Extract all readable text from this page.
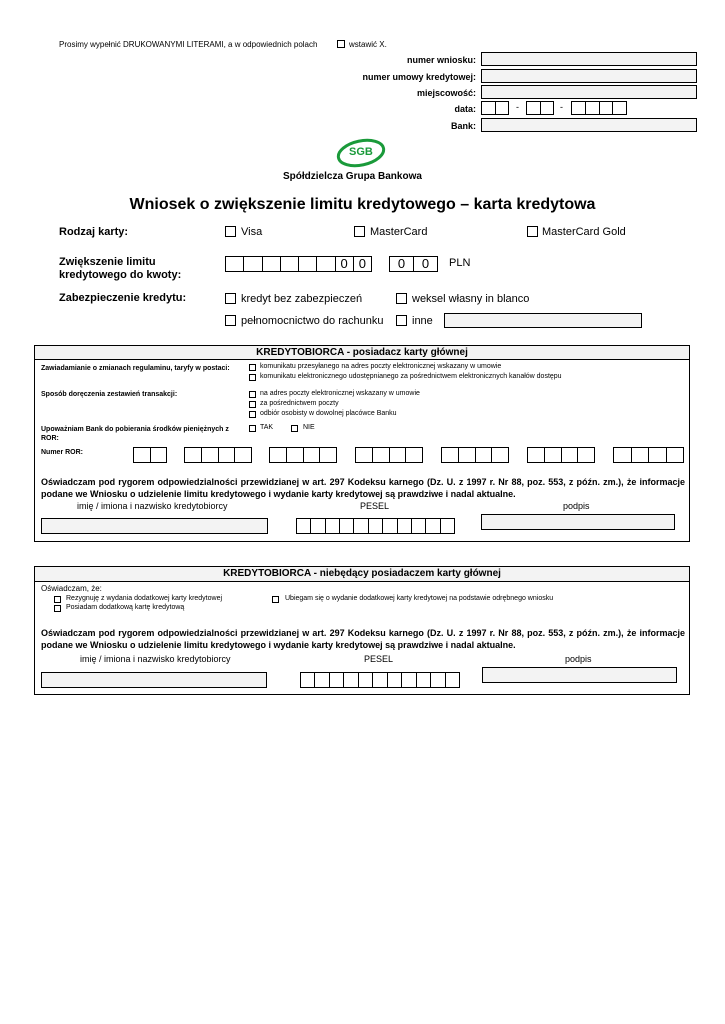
Prosimy wypełnić DRUKOWANYMI LITERAMI, a w odpowiednich polach	wstawić X.
numer wniosku:
numer umowy kredytowej:
miejscowość:
data:	-	-
Bank:
SGB
Spółdzielcza Grupa Bankowa
Wniosek o zwiększenie limitu kredytowego – karta kredytowa
Rodzaj karty:	Visa	MasterCard	MasterCard Gold
Zwiększenie limitu
kredytowego do kwoty:
0 0	0	0	PLN
Zabezpieczenie kredytu:	kredyt bez zabezpieczeń	weksel własny in blanco
pełnomocnictwo do rachunku	inne
KREDYTOBIORCA - posiadacz karty głównej
Zawiadamianie o zmianach regulaminu, taryfy w postaci:	komunikatu przesyłanego na adres poczty elektronicznej wskazany w umowie
komunikatu elektronicznego udostępnianego za pośrednictwem elektronicznych kanałów dostępu
Sposób doręczenia zestawień transakcji:	na adres poczty elektronicznej wskazany w umowie
za pośrednictwem poczty
odbiór osobisty w dowolnej placówce Banku
Upoważniam Bank do pobierania środków pieniężnych z ROR:
TAK	NIE
Numer ROR:
Oświadczam pod rygorem odpowiedzialności przewidzianej w art. 297 Kodeksu karnego (Dz. U. z 1997 r. Nr 88, poz. 553, z późn. zm.), że informacje podane we Wniosku o udzielenie limitu kredytowego i wydanie karty kredytowej są prawdziwe i nadal aktualne.
imię / imiona i nazwisko kredytobiorcy	PESEL	podpis
KREDYTOBIORCA - niebędący posiadaczem karty głównej
Oświadczam, że:
Rezygnuję z wydania dodatkowej karty kredytowej
Posiadam dodatkową kartę kredytową
Ubiegam się o wydanie dodatkowej karty kredytowej na podstawie odrębnego wniosku
Oświadczam pod rygorem odpowiedzialności przewidzianej w art. 297 Kodeksu karnego (Dz. U. z 1997 r. Nr 88, poz. 553, z późn. zm.), że informacje podane we Wniosku o udzielenie limitu kredytowego i wydanie karty kredytowej są prawdziwe i nadal aktualne.
imię / imiona i nazwisko kredytobiorcy	PESEL	podpis
